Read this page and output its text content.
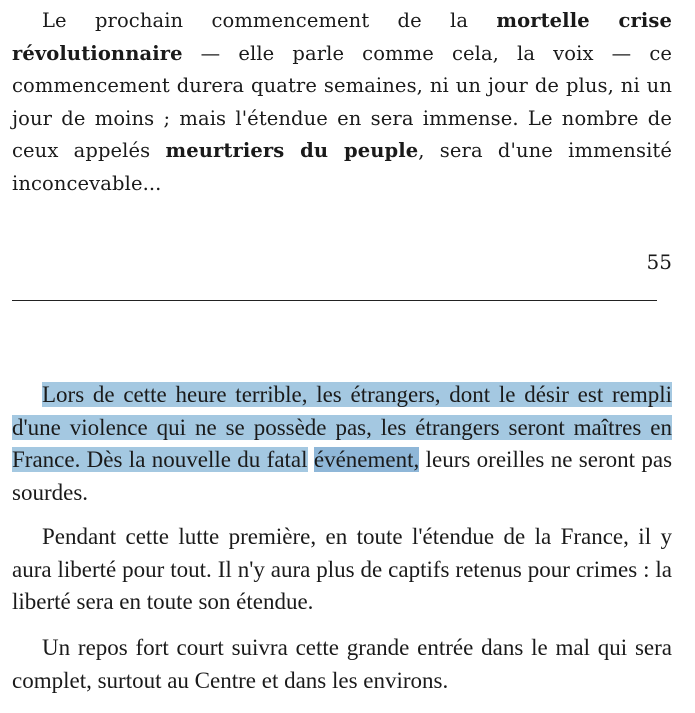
Le prochain commencement de la mortelle crise révolutionnaire — elle parle comme cela, la voix — ce commencement durera quatre semaines, ni un jour de plus, ni un jour de moins ; mais l'étendue en sera immense. Le nombre de ceux appelés meurtriers du peuple, sera d'une immensité inconcevable...

55

Lors de cette heure terrible, les étrangers, dont le désir est rempli d'une violence qui ne se possède pas, les étrangers seront maîtres en France. Dès la nouvelle du fatal événement, leurs oreilles ne seront pas sourdes.

Pendant cette lutte première, en toute l'étendue de la France, il y aura liberté pour tout. Il n'y aura plus de captifs retenus pour crimes : la liberté sera en toute son étendue.

Un repos fort court suivra cette grande entrée dans le mal qui sera complet, surtout au Centre et dans les environs.
